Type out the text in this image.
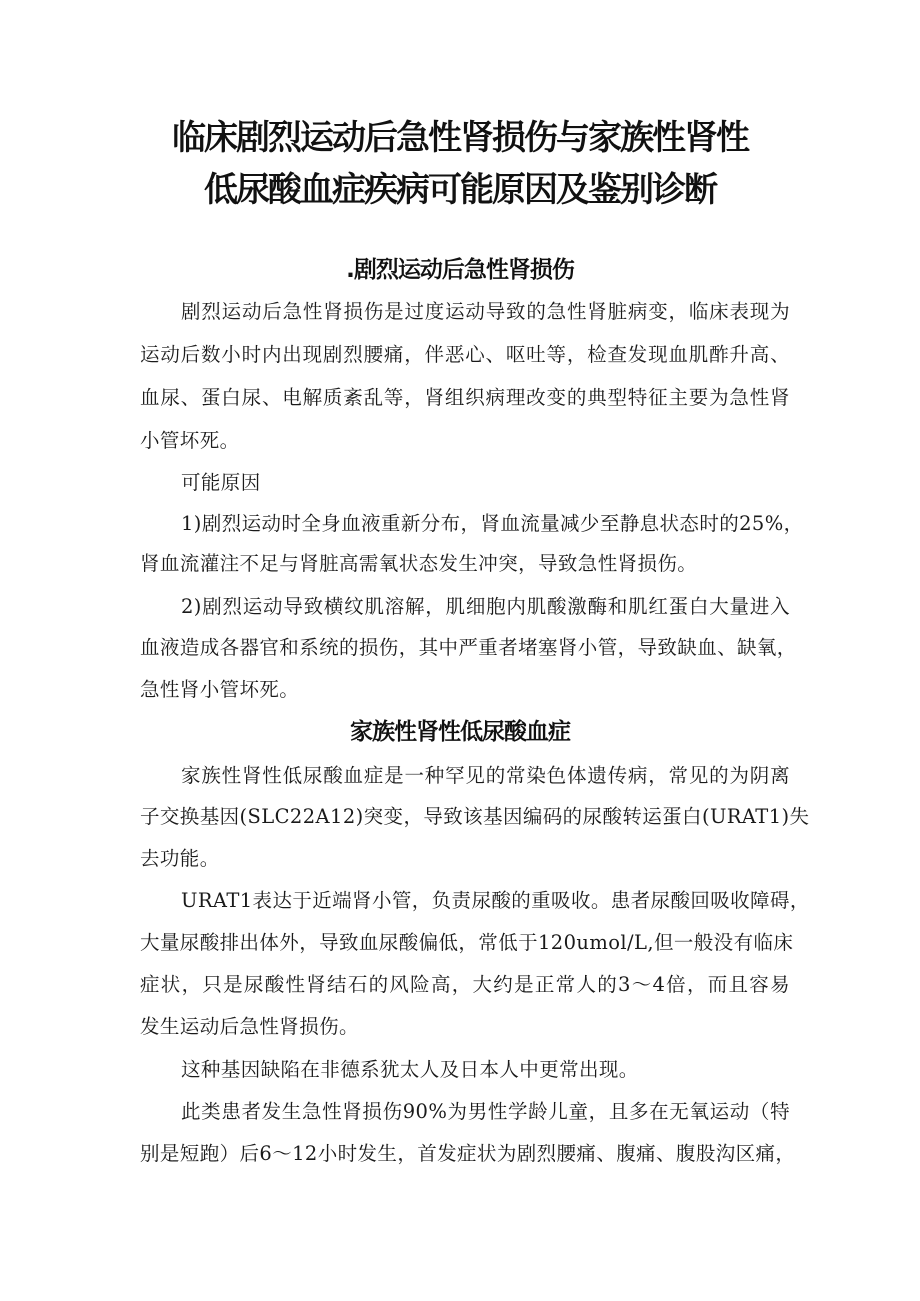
临床剧烈运动后急性肾损伤与家族性肾性
低尿酸血症疾病可能原因及鉴别诊断
.剧烈运动后急性肾损伤

剧烈运动后急性肾损伤是过度运动导致的急性肾脏病变，临床表现为

运动后数小时内出现剧烈腰痛，伴恶心、呕吐等，检查发现血肌酢升高、

血尿、蛋白尿、电解质紊乱等，肾组织病理改变的典型特征主要为急性肾

小管坏死。

可能原因

1)剧烈运动时全身血液重新分布，肾血流量减少至静息状态时的25%，

肾血流灌注不足与肾脏高需氧状态发生冲突，导致急性肾损伤。

2)剧烈运动导致横纹肌溶解，肌细胞内肌酸激酶和肌红蛋白大量进入

血液造成各器官和系统的损伤，其中严重者堵塞肾小管，导致缺血、缺氧，

急性肾小管坏死。

家族性肾性低尿酸血症

家族性肾性低尿酸血症是一种罕见的常染色体遗传病，常见的为阴离

子交换基因(SLC22A12)突变，导致该基因编码的尿酸转运蛋白(URAT1)失

去功能。

URAT1表达于近端肾小管，负责尿酸的重吸收。患者尿酸回吸收障碍，

大量尿酸排出体外，导致血尿酸偏低，常低于120umol/L,但一般没有临床

症状，只是尿酸性肾结石的风险高，大约是正常人的3～4倍，而且容易

发生运动后急性肾损伤。

这种基因缺陷在非德系犹太人及日本人中更常出现。

此类患者发生急性肾损伤90%为男性学龄儿童，且多在无氧运动（特

别是短跑）后6～12小时发生，首发症状为剧烈腰痛、腹痛、腹股沟区痛，
